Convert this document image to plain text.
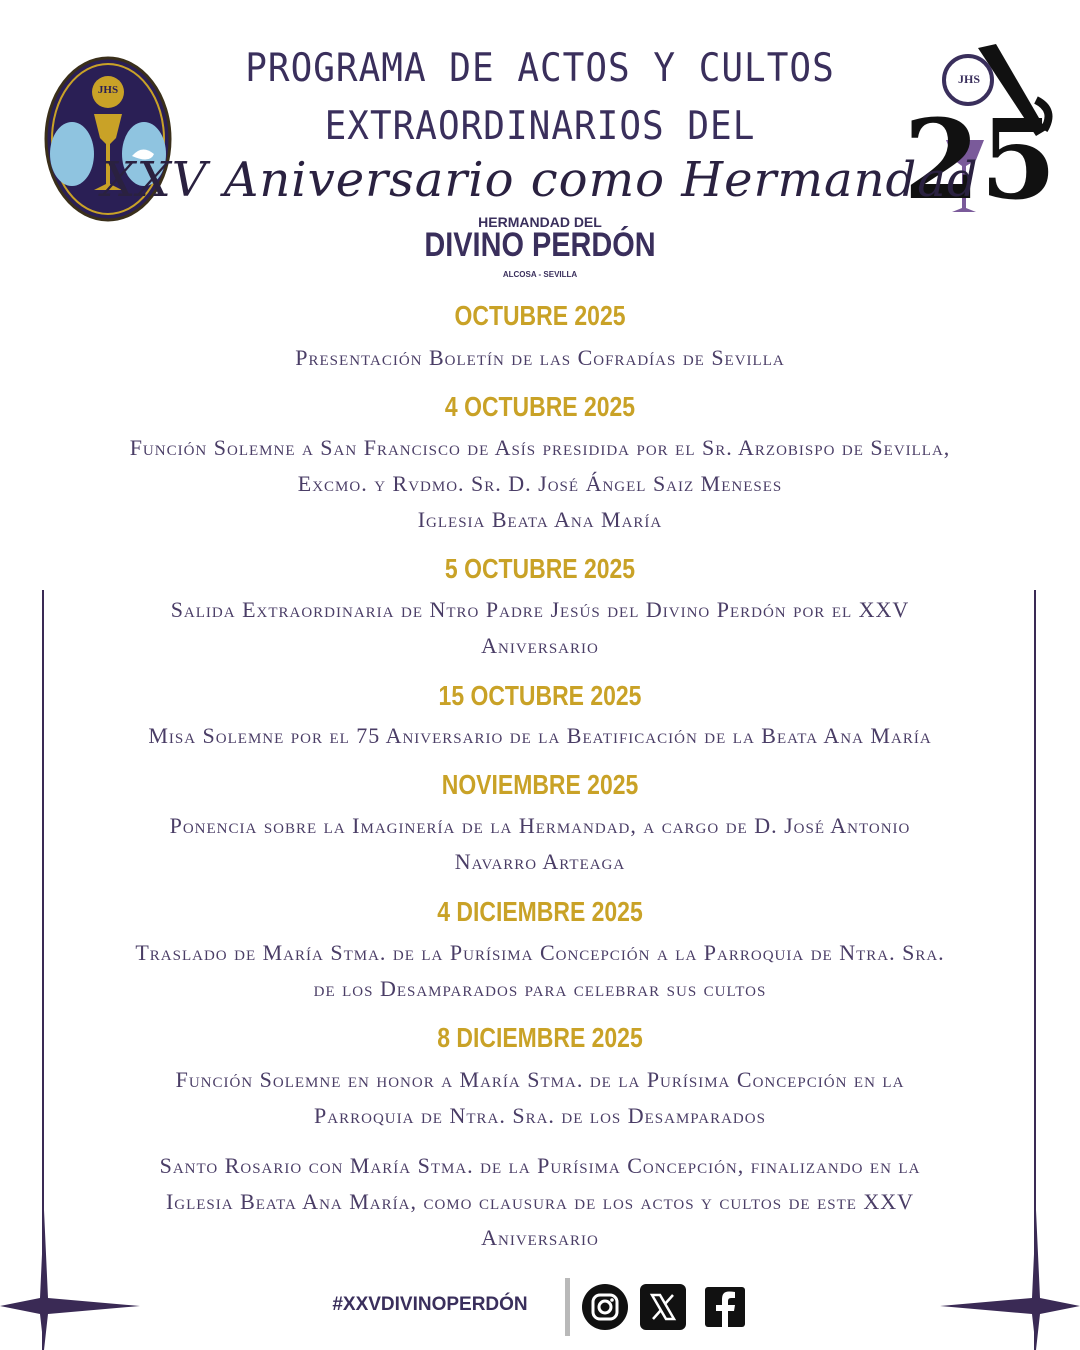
JHS
25
JHS
PROGRAMA DE ACTOS Y CULTOS
EXTRAORDINARIOS DEL
XXV Aniversario como Hermandad
HERMANDAD DEL
DIVINO PERDÓN
ALCOSA - SEVILLA
OCTUBRE 2025
Presentación Boletín de las Cofradías de Sevilla
4 OCTUBRE 2025
Función Solemne a San Francisco de Asís presidida por el Sr. Arzobispo de Sevilla,
Excmo. y Rvdmo. Sr. D. José Ángel Saiz Meneses
Iglesia Beata Ana María
5 OCTUBRE 2025
Salida Extraordinaria de Ntro Padre Jesús del Divino Perdón por el XXV
Aniversario
15 OCTUBRE 2025
Misa Solemne por el 75 Aniversario de la Beatificación de la Beata Ana María
NOVIEMBRE 2025
Ponencia sobre la Imaginería de la Hermandad, a cargo de D. José Antonio
Navarro Arteaga
4 DICIEMBRE 2025
Traslado de María Stma. de la Purísima Concepción a la Parroquia de Ntra. Sra.
de los Desamparados para celebrar sus cultos
8 DICIEMBRE 2025
Función Solemne en honor a María Stma. de la Purísima Concepción en la
Parroquia de Ntra. Sra. de los Desamparados
Santo Rosario con María Stma. de la Purísima Concepción, finalizando en la
Iglesia Beata Ana María, como clausura de los actos y cultos de este XXV
Aniversario
#XXVDIVINOPERDÓN
